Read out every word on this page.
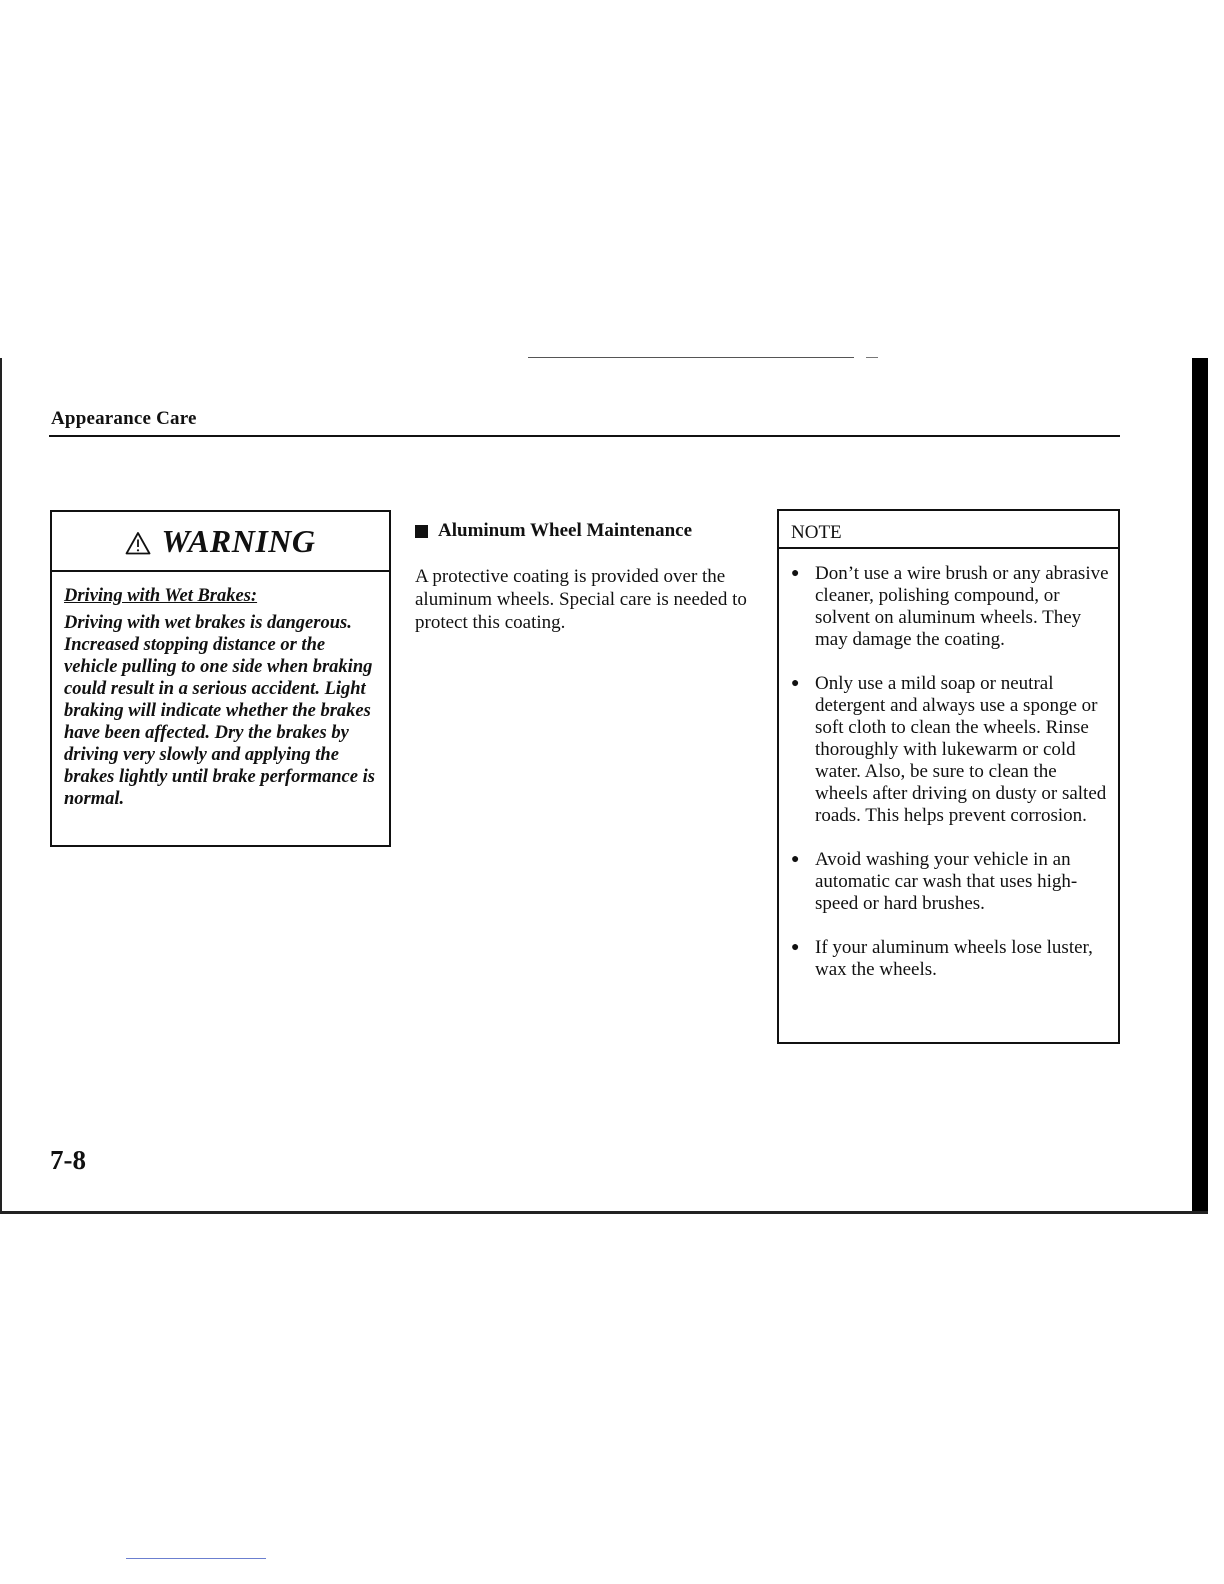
Appearance Care
WARNING
Driving with Wet Brakes:
Driving with wet brakes is dangerous. Increased stopping distance or the vehicle pulling to one side when braking could result in a serious accident. Light braking will indicate whether the brakes have been affected. Dry the brakes by driving very slowly and applying the brakes lightly until brake performance is normal.
Aluminum Wheel Maintenance
A protective coating is provided over the aluminum wheels. Special care is needed to protect this coating.
NOTE
● Don’t use a wire brush or any abrasive cleaner, polishing compound, or solvent on aluminum wheels. They may damage the coating.
● Only use a mild soap or neutral detergent and always use a sponge or soft cloth to clean the wheels. Rinse thoroughly with lukewarm or cold water. Also, be sure to clean the wheels after driving on dusty or salted roads. This helps prevent corrosion.
● Avoid washing your vehicle in an automatic car wash that uses high-speed or hard brushes.
● If your aluminum wheels lose luster, wax the wheels.
7-8
